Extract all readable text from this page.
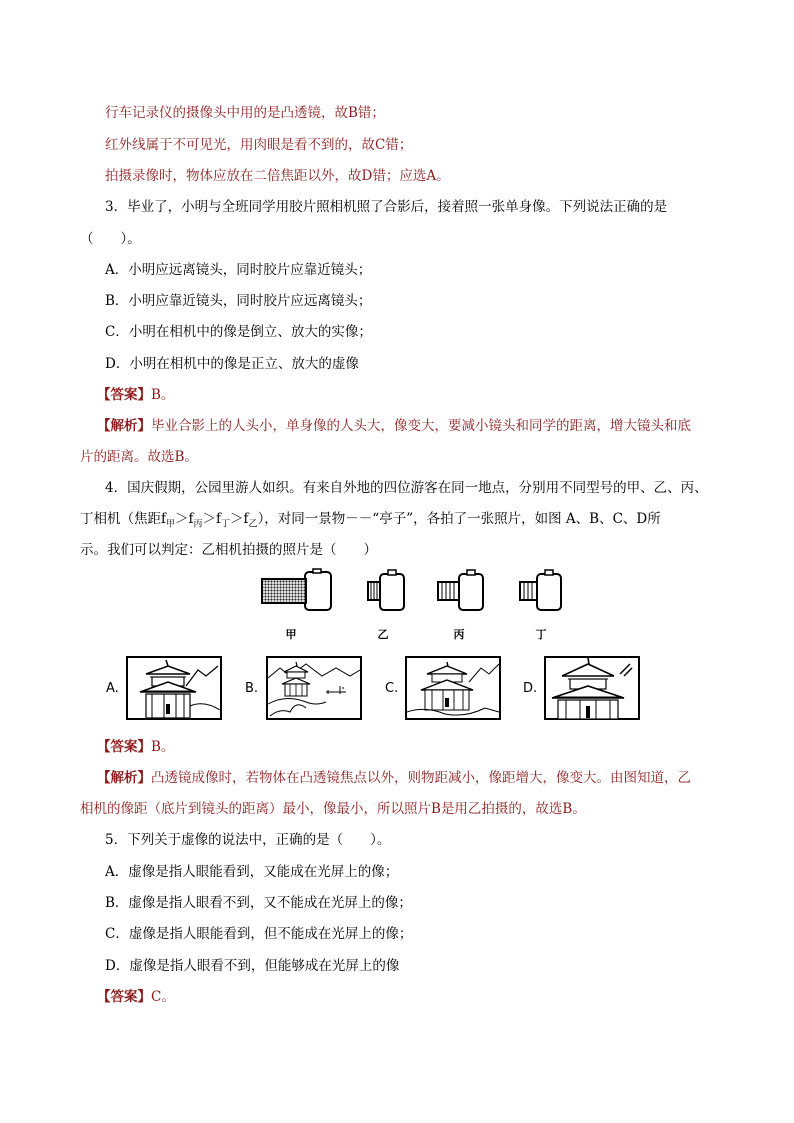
行车记录仪的摄像头中用的是凸透镜，故B错；
红外线属于不可见光，用肉眼是看不到的，故C错；
拍摄录像时，物体应放在二倍焦距以外，故D错；应选A。
3．毕业了，小明与全班同学用胶片照相机照了合影后，接着照一张单身像。下列说法正确的是
（　　）。
A．小明应远离镜头，同时胶片应靠近镜头；
B．小明应靠近镜头，同时胶片应远离镜头；
C．小明在相机中的像是倒立、放大的实像；
D．小明在相机中的像是正立、放大的虚像
【答案】B。
【解析】毕业合影上的人头小，单身像的人头大，像变大，要减小镜头和同学的距离，增大镜头和底
片的距离。故选B。
4．国庆假期，公园里游人如织。有来自外地的四位游客在同一地点，分别用不同型号的甲、乙、丙、
丁相机（焦距$f_甲>f_丙>f_丁>f_乙$），对同一景物－－“亭子”，各拍了一张照片，如图 A、B、C、D所
示。我们可以判定：乙相机拍摄的照片是（　　）
甲	乙	丙	丁
A.	B.	C.	D.
【答案】B。
【解析】凸透镜成像时，若物体在凸透镜焦点以外，则物距减小，像距增大，像变大。由图知道，乙
相机的像距（底片到镜头的距离）最小，像最小，所以照片B是用乙拍摄的，故选B。
5．下列关于虚像的说法中，正确的是（　　）。
A．虚像是指人眼能看到，又能成在光屏上的像；
B．虚像是指人眼看不到，又不能成在光屏上的像；
C．虚像是指人眼能看到，但不能成在光屏上的像；
D．虚像是指人眼看不到，但能够成在光屏上的像
【答案】C。
